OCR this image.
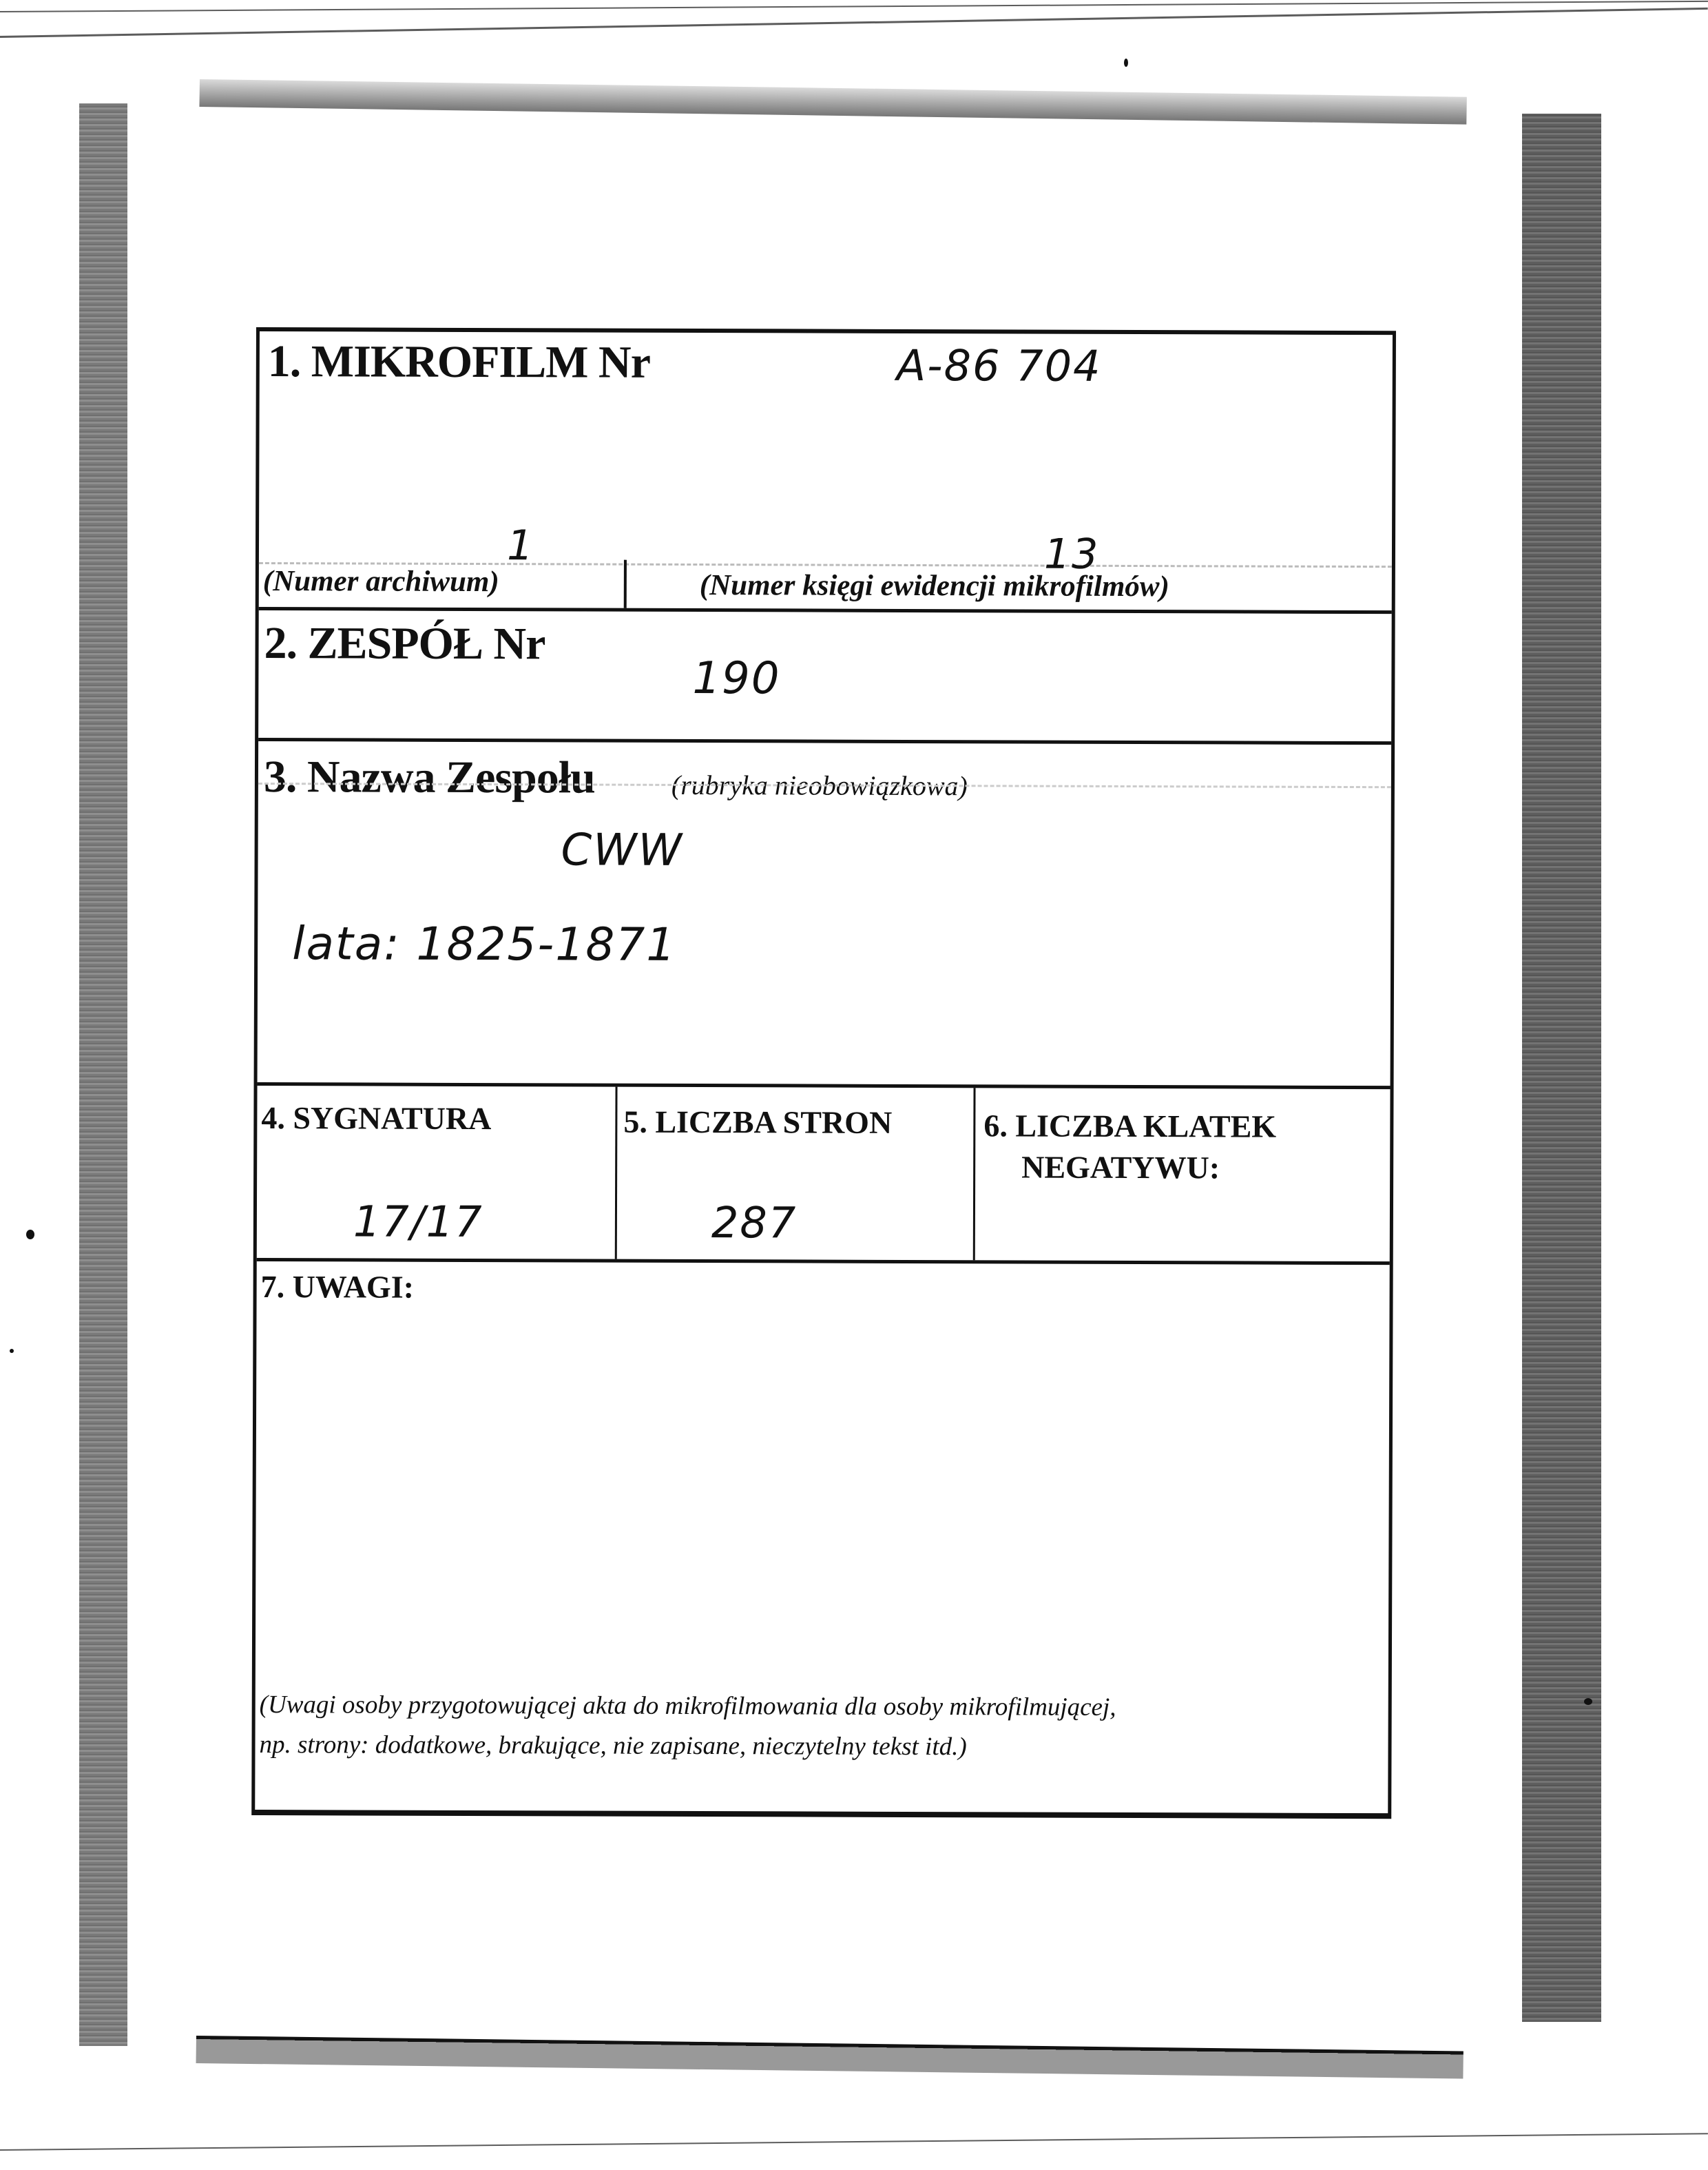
1. MIKROFILM Nr	A-86 704
1	13
(Numer archiwum)	(Numer księgi ewidencji mikrofilmów)
2. ZESPÓŁ Nr
190
3. Nazwa Zespołu	(rubryka nieobowiązkowa)
CWW
lata: 1825-1871
4. SYGNATURA
17/17
5. LICZBA STRON
287
6. LICZBA KLATEK
NEGATYWU:
7. UWAGI:
(Uwagi osoby przygotowującej akta do mikrofilmowania dla osoby mikrofilmującej,
np. strony: dodatkowe, brakujące, nie zapisane, nieczytelny tekst itd.)
